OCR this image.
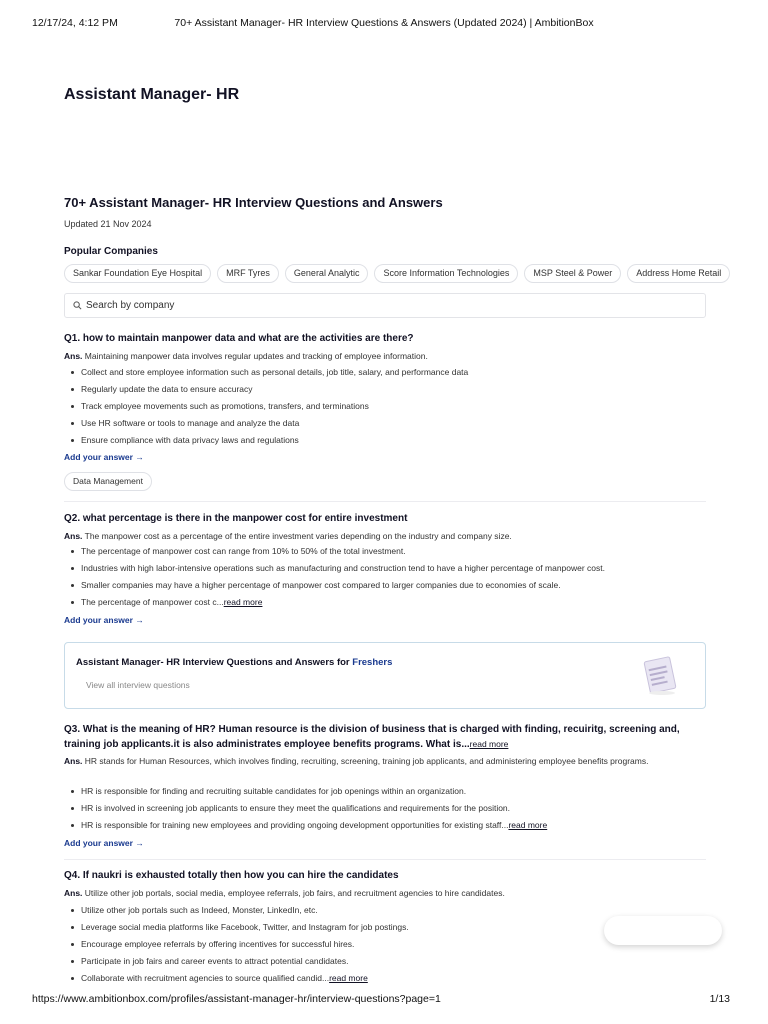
12/17/24, 4:12 PM	70+ Assistant Manager- HR Interview Questions & Answers (Updated 2024) | AmbitionBox
Assistant Manager- HR
70+ Assistant Manager- HR Interview Questions and Answers
Updated 21 Nov 2024
Popular Companies
Sankar Foundation Eye Hospital	MRF Tyres	General Analytic	Score Information Technologies	MSP Steel & Power	Address Home Retail
Search by company
Q1. how to maintain manpower data and what are the activities are there?
Ans. Maintaining manpower data involves regular updates and tracking of employee information.
Collect and store employee information such as personal details, job title, salary, and performance data
Regularly update the data to ensure accuracy
Track employee movements such as promotions, transfers, and terminations
Use HR software or tools to manage and analyze the data
Ensure compliance with data privacy laws and regulations
Add your answer →
Data Management
Q2. what percentage is there in the manpower cost for entire investment
Ans. The manpower cost as a percentage of the entire investment varies depending on the industry and company size.
The percentage of manpower cost can range from 10% to 50% of the total investment.
Industries with high labor-intensive operations such as manufacturing and construction tend to have a higher percentage of manpower cost.
Smaller companies may have a higher percentage of manpower cost compared to larger companies due to economies of scale.
The percentage of manpower cost c...read more
Add your answer →
Assistant Manager- HR Interview Questions and Answers for Freshers
View all interview questions
Q3. What is the meaning of HR? Human resource is the division of business that is charged with finding, recuiritg, screening and, training job applicants.it is also administrates employee benefits programs. What is...read more
Ans. HR stands for Human Resources, which involves finding, recruiting, screening, training job applicants, and administering employee benefits programs.
HR is responsible for finding and recruiting suitable candidates for job openings within an organization.
HR is involved in screening job applicants to ensure they meet the qualifications and requirements for the position.
HR is responsible for training new employees and providing ongoing development opportunities for existing staff...read more
Add your answer →
Q4. If naukri is exhausted totally then how you can hire the candidates
Ans. Utilize other job portals, social media, employee referrals, job fairs, and recruitment agencies to hire candidates.
Utilize other job portals such as Indeed, Monster, LinkedIn, etc.
Leverage social media platforms like Facebook, Twitter, and Instagram for job postings.
Encourage employee referrals by offering incentives for successful hires.
Participate in job fairs and career events to attract potential candidates.
Collaborate with recruitment agencies to source qualified candid...read more
https://www.ambitionbox.com/profiles/assistant-manager-hr/interview-questions?page=1	1/13
